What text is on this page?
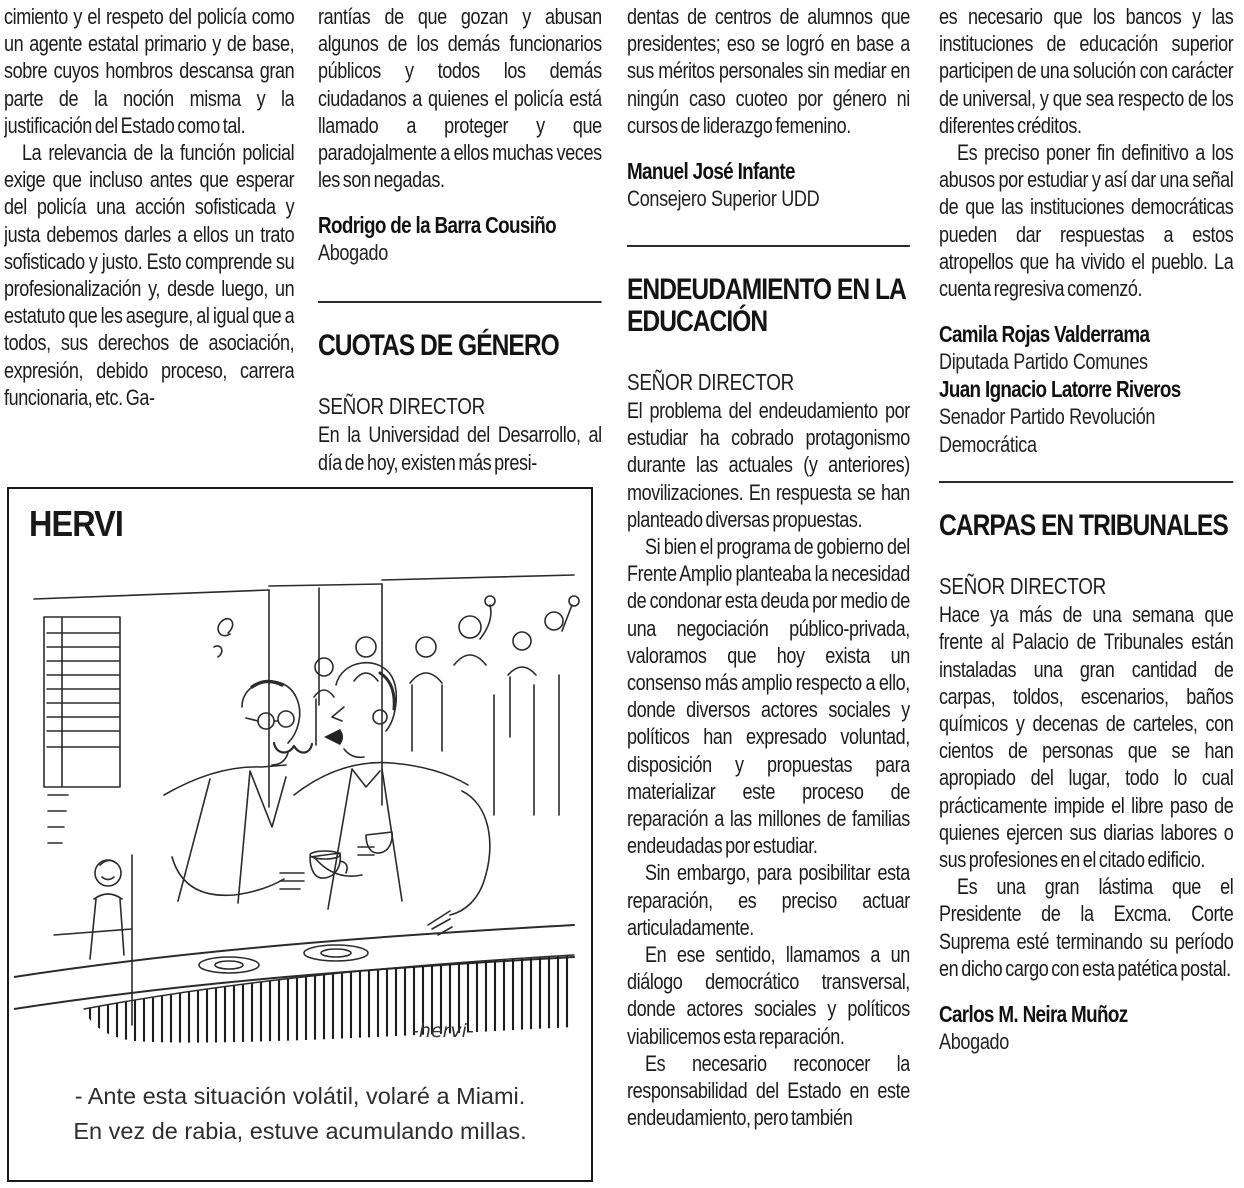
cimiento y el respeto del policía como un agente estatal primario y de base, sobre cuyos hombros descansa gran parte de la noción misma y la justificación del Estado como tal.

La relevancia de la función policial exige que incluso antes que esperar del policía una acción sofisticada y justa debemos darles a ellos un trato sofisticado y justo. Esto comprende su profesionalización y, desde luego, un estatuto que les asegure, al igual que a todos, sus derechos de asociación, expresión, debido proceso, carrera funcionaria, etc. Ga-

rantías de que gozan y abusan algunos de los demás funcionarios públicos y todos los demás ciudadanos a quienes el policía está llamado a proteger y que paradojalmente a ellos muchas veces les son negadas.

Rodrigo de la Barra Cousiño
Abogado
CUOTAS DE GÉNERO
SEÑOR DIRECTOR

En la Universidad del Desarrollo, al día de hoy, existen más presi-

dentas de centros de alumnos que presidentes; eso se logró en base a sus méritos personales sin mediar en ningún caso cuoteo por género ni cursos de liderazgo femenino.

Manuel José Infante
Consejero Superior UDD
ENDEUDAMIENTO EN LA EDUCACIÓN
SEÑOR DIRECTOR

El problema del endeudamiento por estudiar ha cobrado protagonismo durante las actuales (y anteriores) movilizaciones. En respuesta se han planteado diversas propuestas.

Si bien el programa de gobierno del Frente Amplio planteaba la necesidad de condonar esta deuda por medio de una negociación público-privada, valoramos que hoy exista un consenso más amplio respecto a ello, donde diversos actores sociales y políticos han expresado voluntad, disposición y propuestas para materializar este proceso de reparación a las millones de familias endeudadas por estudiar.

Sin embargo, para posibilitar esta reparación, es preciso actuar articuladamente.

En ese sentido, llamamos a un diálogo democrático transversal, donde actores sociales y políticos viabilicemos esta reparación.

Es necesario reconocer la responsabilidad del Estado en este endeudamiento, pero también

es necesario que los bancos y las instituciones de educación superior participen de una solución con carácter de universal, y que sea respecto de los diferentes créditos.

Es preciso poner fin definitivo a los abusos por estudiar y así dar una señal de que las instituciones democráticas pueden dar respuestas a estos atropellos que ha vivido el pueblo. La cuenta regresiva comenzó.

Camila Rojas Valderrama
Diputada Partido Comunes
Juan Ignacio Latorre Riveros
Senador Partido Revolución Democrática
CARPAS EN TRIBUNALES
SEÑOR DIRECTOR

Hace ya más de una semana que frente al Palacio de Tribunales están instaladas una gran cantidad de carpas, toldos, escenarios, baños químicos y decenas de carteles, con cientos de personas que se han apropiado del lugar, todo lo cual prácticamente impide el libre paso de quienes ejercen sus diarias labores o sus profesiones en el citado edificio.

Es una gran lástima que el Presidente de la Excma. Corte Suprema esté terminando su período en dicho cargo con esta patética postal.

Carlos M. Neira Muñoz
Abogado
HERVI
-hervi-
- Ante esta situación volátil, volaré a Miami.
En vez de rabia, estuve acumulando millas.
